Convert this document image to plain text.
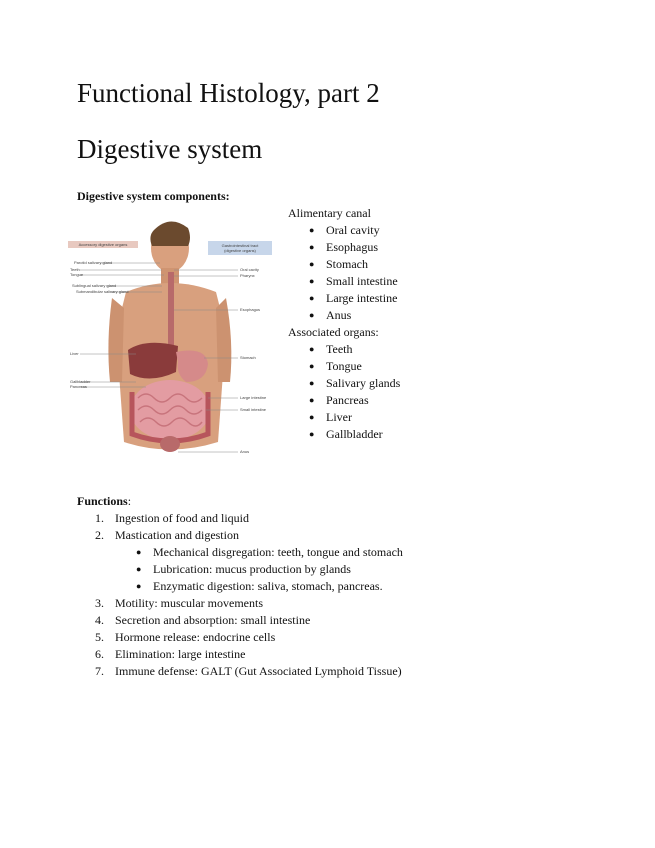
Functional Histology, part 2
Digestive system
Digestive system components:
Accessory digestive organs	Gastrointestinal tract
(digestive organs)
Parotid salivary gland
Teeth
Tongue
Sublingual salivary gland
Submandibular salivary gland
Liver
Gallbladder
Pancreas
Oral cavity
Pharynx
Esophagus
Stomach
Large intestine
Small intestine
Anus

Alimentary canal

● Oral cavity
● Esophagus
● Stomach
● Small intestine
● Large intestine
● Anus

Associated organs:

● Teeth
● Tongue
● Salivary glands
● Pancreas
● Liver
● Gallbladder
Functions:
1. Ingestion of food and liquid
2. Mastication and digestion
● Mechanical disgregation: teeth, tongue and stomach
● Lubrication: mucus production by glands
● Enzymatic digestion: saliva, stomach, pancreas.
3. Motility: muscular movements
4. Secretion and absorption: small intestine
5. Hormone release: endocrine cells
6. Elimination: large intestine
7. Immune defense: GALT (Gut Associated Lymphoid Tissue)
